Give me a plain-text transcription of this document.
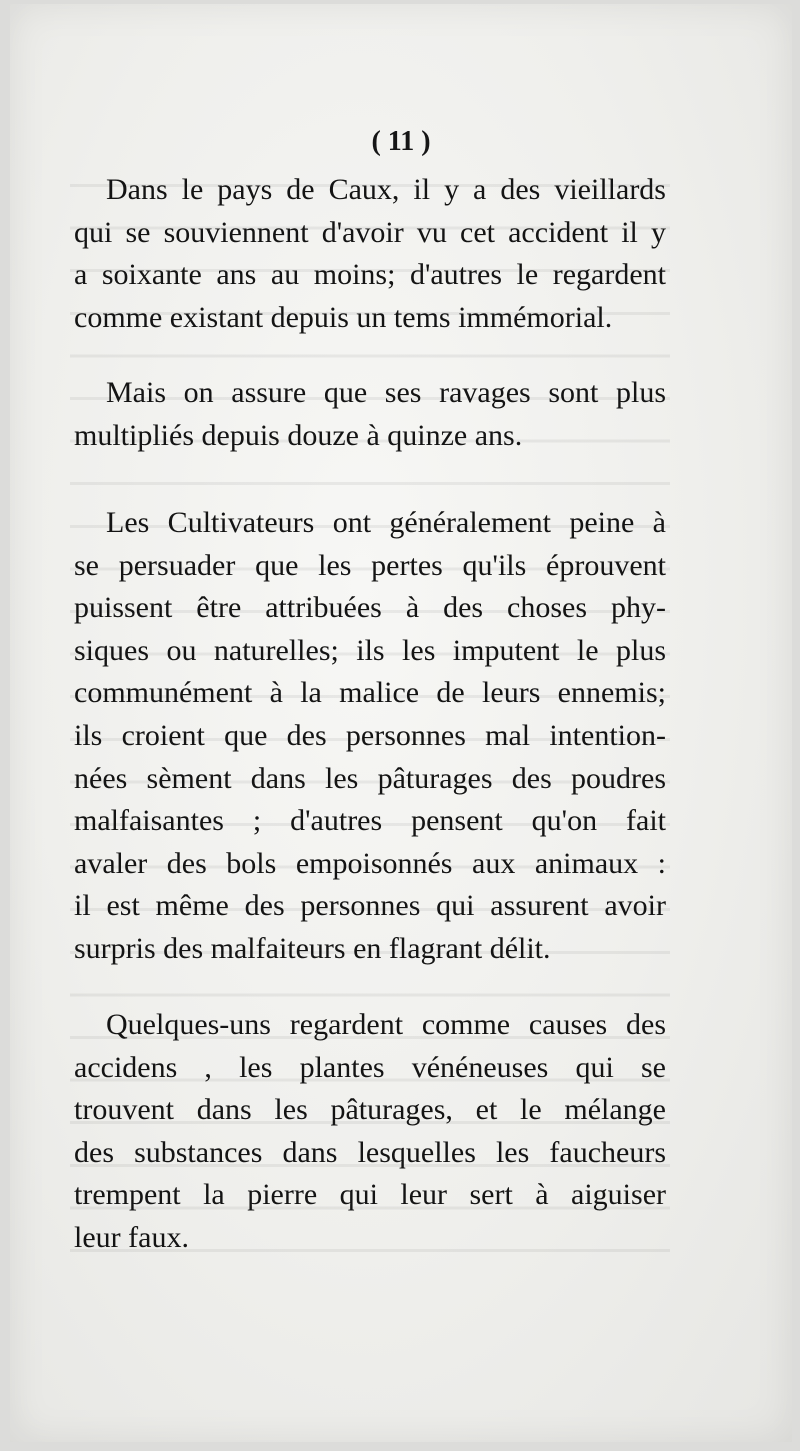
( 11 )
Dans le pays de Caux, il y a des vieillards
qui se souviennent d'avoir vu cet accident il y
a soixante ans au moins; d'autres le regardent
comme existant depuis un tems immémorial.
Mais on assure que ses ravages sont plus
multipliés depuis douze à quinze ans.
Les Cultivateurs ont généralement peine à
se persuader que les pertes qu'ils éprouvent
puissent être attribuées à des choses phy-
siques ou naturelles; ils les imputent le plus
communément à la malice de leurs ennemis;
ils croient que des personnes mal intention-
nées sèment dans les pâturages des poudres
malfaisantes ; d'autres pensent qu'on fait
avaler des bols empoisonnés aux animaux :
il est même des personnes qui assurent avoir
surpris des malfaiteurs en flagrant délit.
Quelques-uns regardent comme causes des
accidens , les plantes vénéneuses qui se
trouvent dans les pâturages, et le mélange
des substances dans lesquelles les faucheurs
trempent la pierre qui leur sert à aiguiser
leur faux.
